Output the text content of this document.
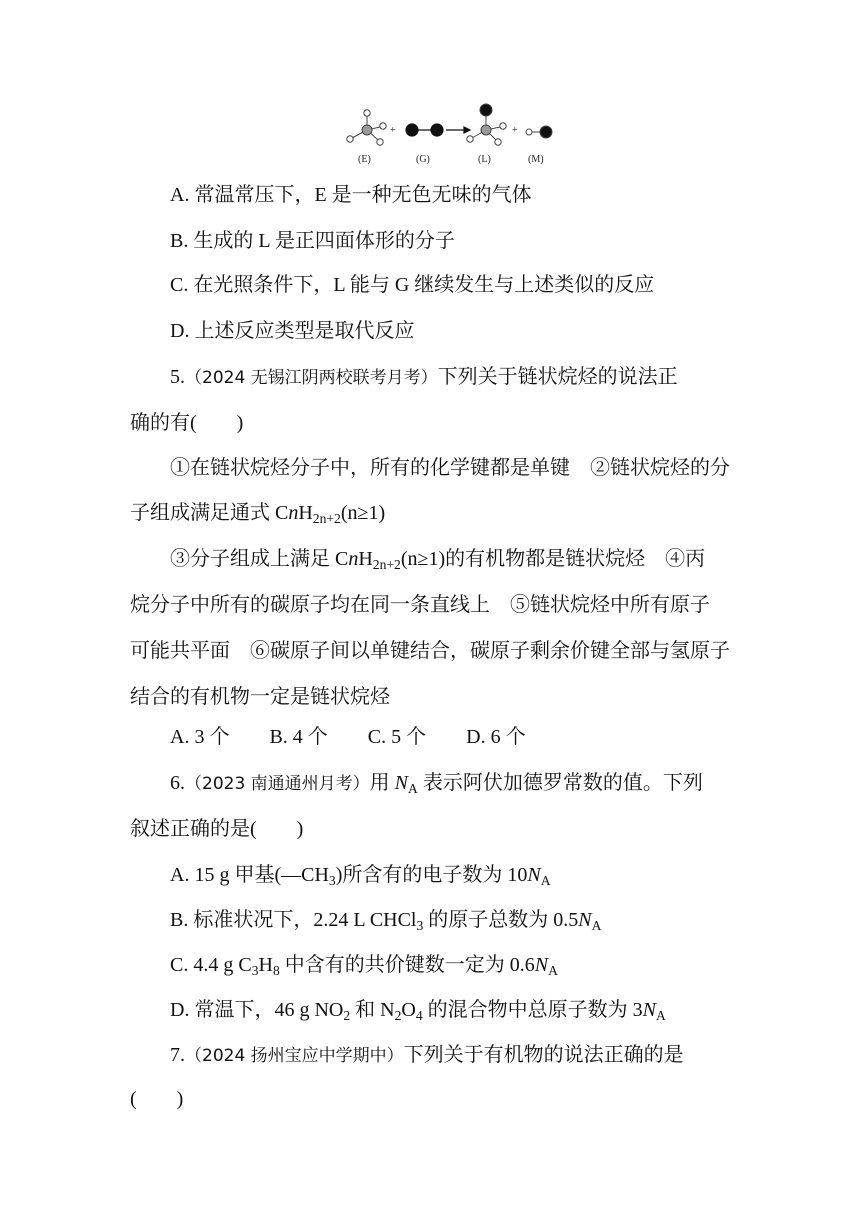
(E)
+
(G)	(L)
+
(M)
A. 常温常压下，E 是一种无色无味的气体
B. 生成的 L 是正四面体形的分子
C. 在光照条件下，L 能与 G 继续发生与上述类似的反应
D. 上述反应类型是取代反应
5.（2024 无锡江阴两校联考月考）下列关于链状烷烃的说法正
确的有(　　)
①在链状烷烃分子中，所有的化学键都是单键　②链状烷烃的分
子组成满足通式 CnH$_{2n+2}$(n≥1)
③分子组成上满足 CnH$_{2n+2}$(n≥1)的有机物都是链状烷烃　④丙
烷分子中所有的碳原子均在同一条直线上　⑤链状烷烃中所有原子
可能共平面　⑥碳原子间以单键结合，碳原子剩余价键全部与氢原子
结合的有机物一定是链状烷烃
A. 3 个 B. 4 个 C. 5 个 D. 6 个
6.（2023 南通通州月考）用 $N_A$ 表示阿伏加德罗常数的值。下列
叙述正确的是(　　)
A. 15 g 甲基$(—CH_3)$所含有的电子数为 $10N_A$
B. 标准状况下，2.24 L CHCl$_3$ 的原子总数为 $0.5N_A$
C. 4.4 g $C_3H_8$ 中含有的共价键数一定为 $0.6N_A$
D. 常温下，46 g $NO_2$ 和 $N_2O_4$ 的混合物中总原子数为 $3N_A$
7.（2024 扬州宝应中学期中）下列关于有机物的说法正确的是
(　　)
